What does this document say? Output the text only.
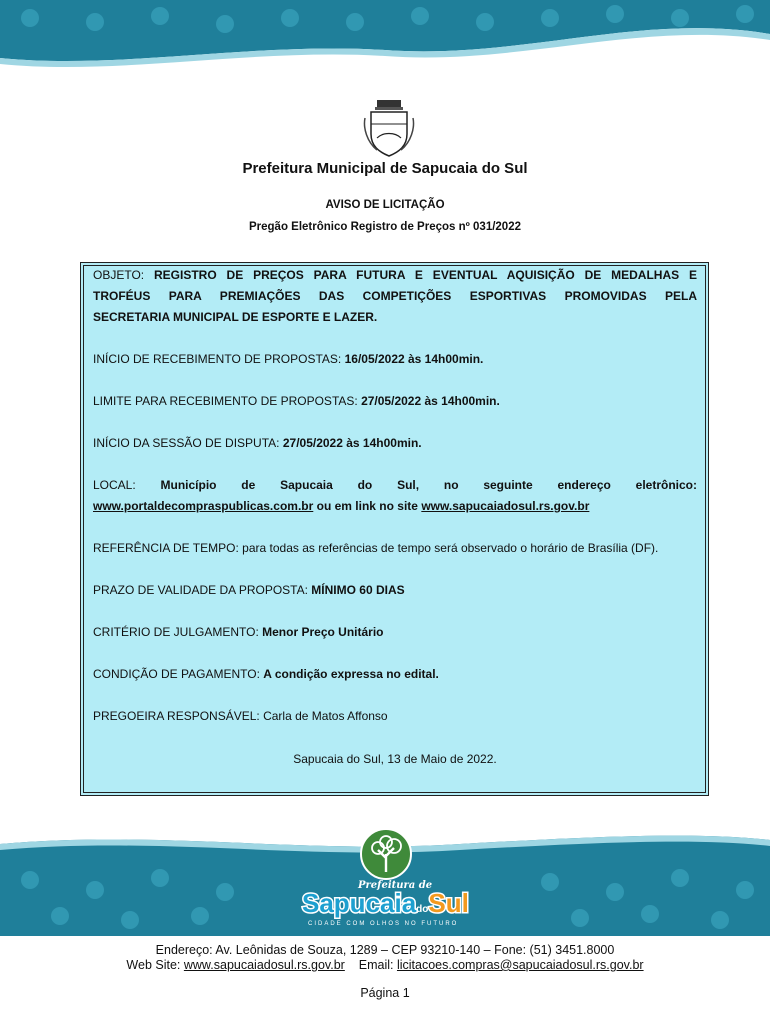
Prefeitura Municipal de Sapucaia do Sul
AVISO DE LICITAÇÃO
Pregão Eletrônico Registro de Preços nº 031/2022
OBJETO: REGISTRO DE PREÇOS PARA FUTURA E EVENTUAL AQUISIÇÃO DE MEDALHAS E
TROFÉUS PARA PREMIAÇÕES DAS COMPETIÇÕES ESPORTIVAS PROMOVIDAS PELA
SECRETARIA MUNICIPAL DE ESPORTE E LAZER.
INÍCIO DE RECEBIMENTO DE PROPOSTAS: 16/05/2022 às 14h00min.
LIMITE PARA RECEBIMENTO DE PROPOSTAS: 27/05/2022 às 14h00min.
INÍCIO DA SESSÃO DE DISPUTA: 27/05/2022 às 14h00min.
LOCAL: Município de Sapucaia do Sul, no seguinte endereço eletrônico:
www.portaldecompraspublicas.com.br ou em link no site www.sapucaiadosul.rs.gov.br
REFERÊNCIA DE TEMPO: para todas as referências de tempo será observado o horário de Brasília (DF).
PRAZO DE VALIDADE DA PROPOSTA: MÍNIMO 60 DIAS
CRITÉRIO DE JULGAMENTO: Menor Preço Unitário
CONDIÇÃO DE PAGAMENTO: A condição expressa no edital.
PREGOEIRA RESPONSÁVEL: Carla de Matos Affonso
Sapucaia do Sul, 13 de Maio de 2022.
Prefeitura de
SapucaiadoSul
CIDADE COM OLHOS NO FUTURO
Endereço: Av. Leônidas de Souza, 1289 – CEP 93210-140 – Fone: (51) 3451.8000
Web Site: www.sapucaiadosul.rs.gov.br Email: licitacoes.compras@sapucaiadosul.rs.gov.br
Página 1
